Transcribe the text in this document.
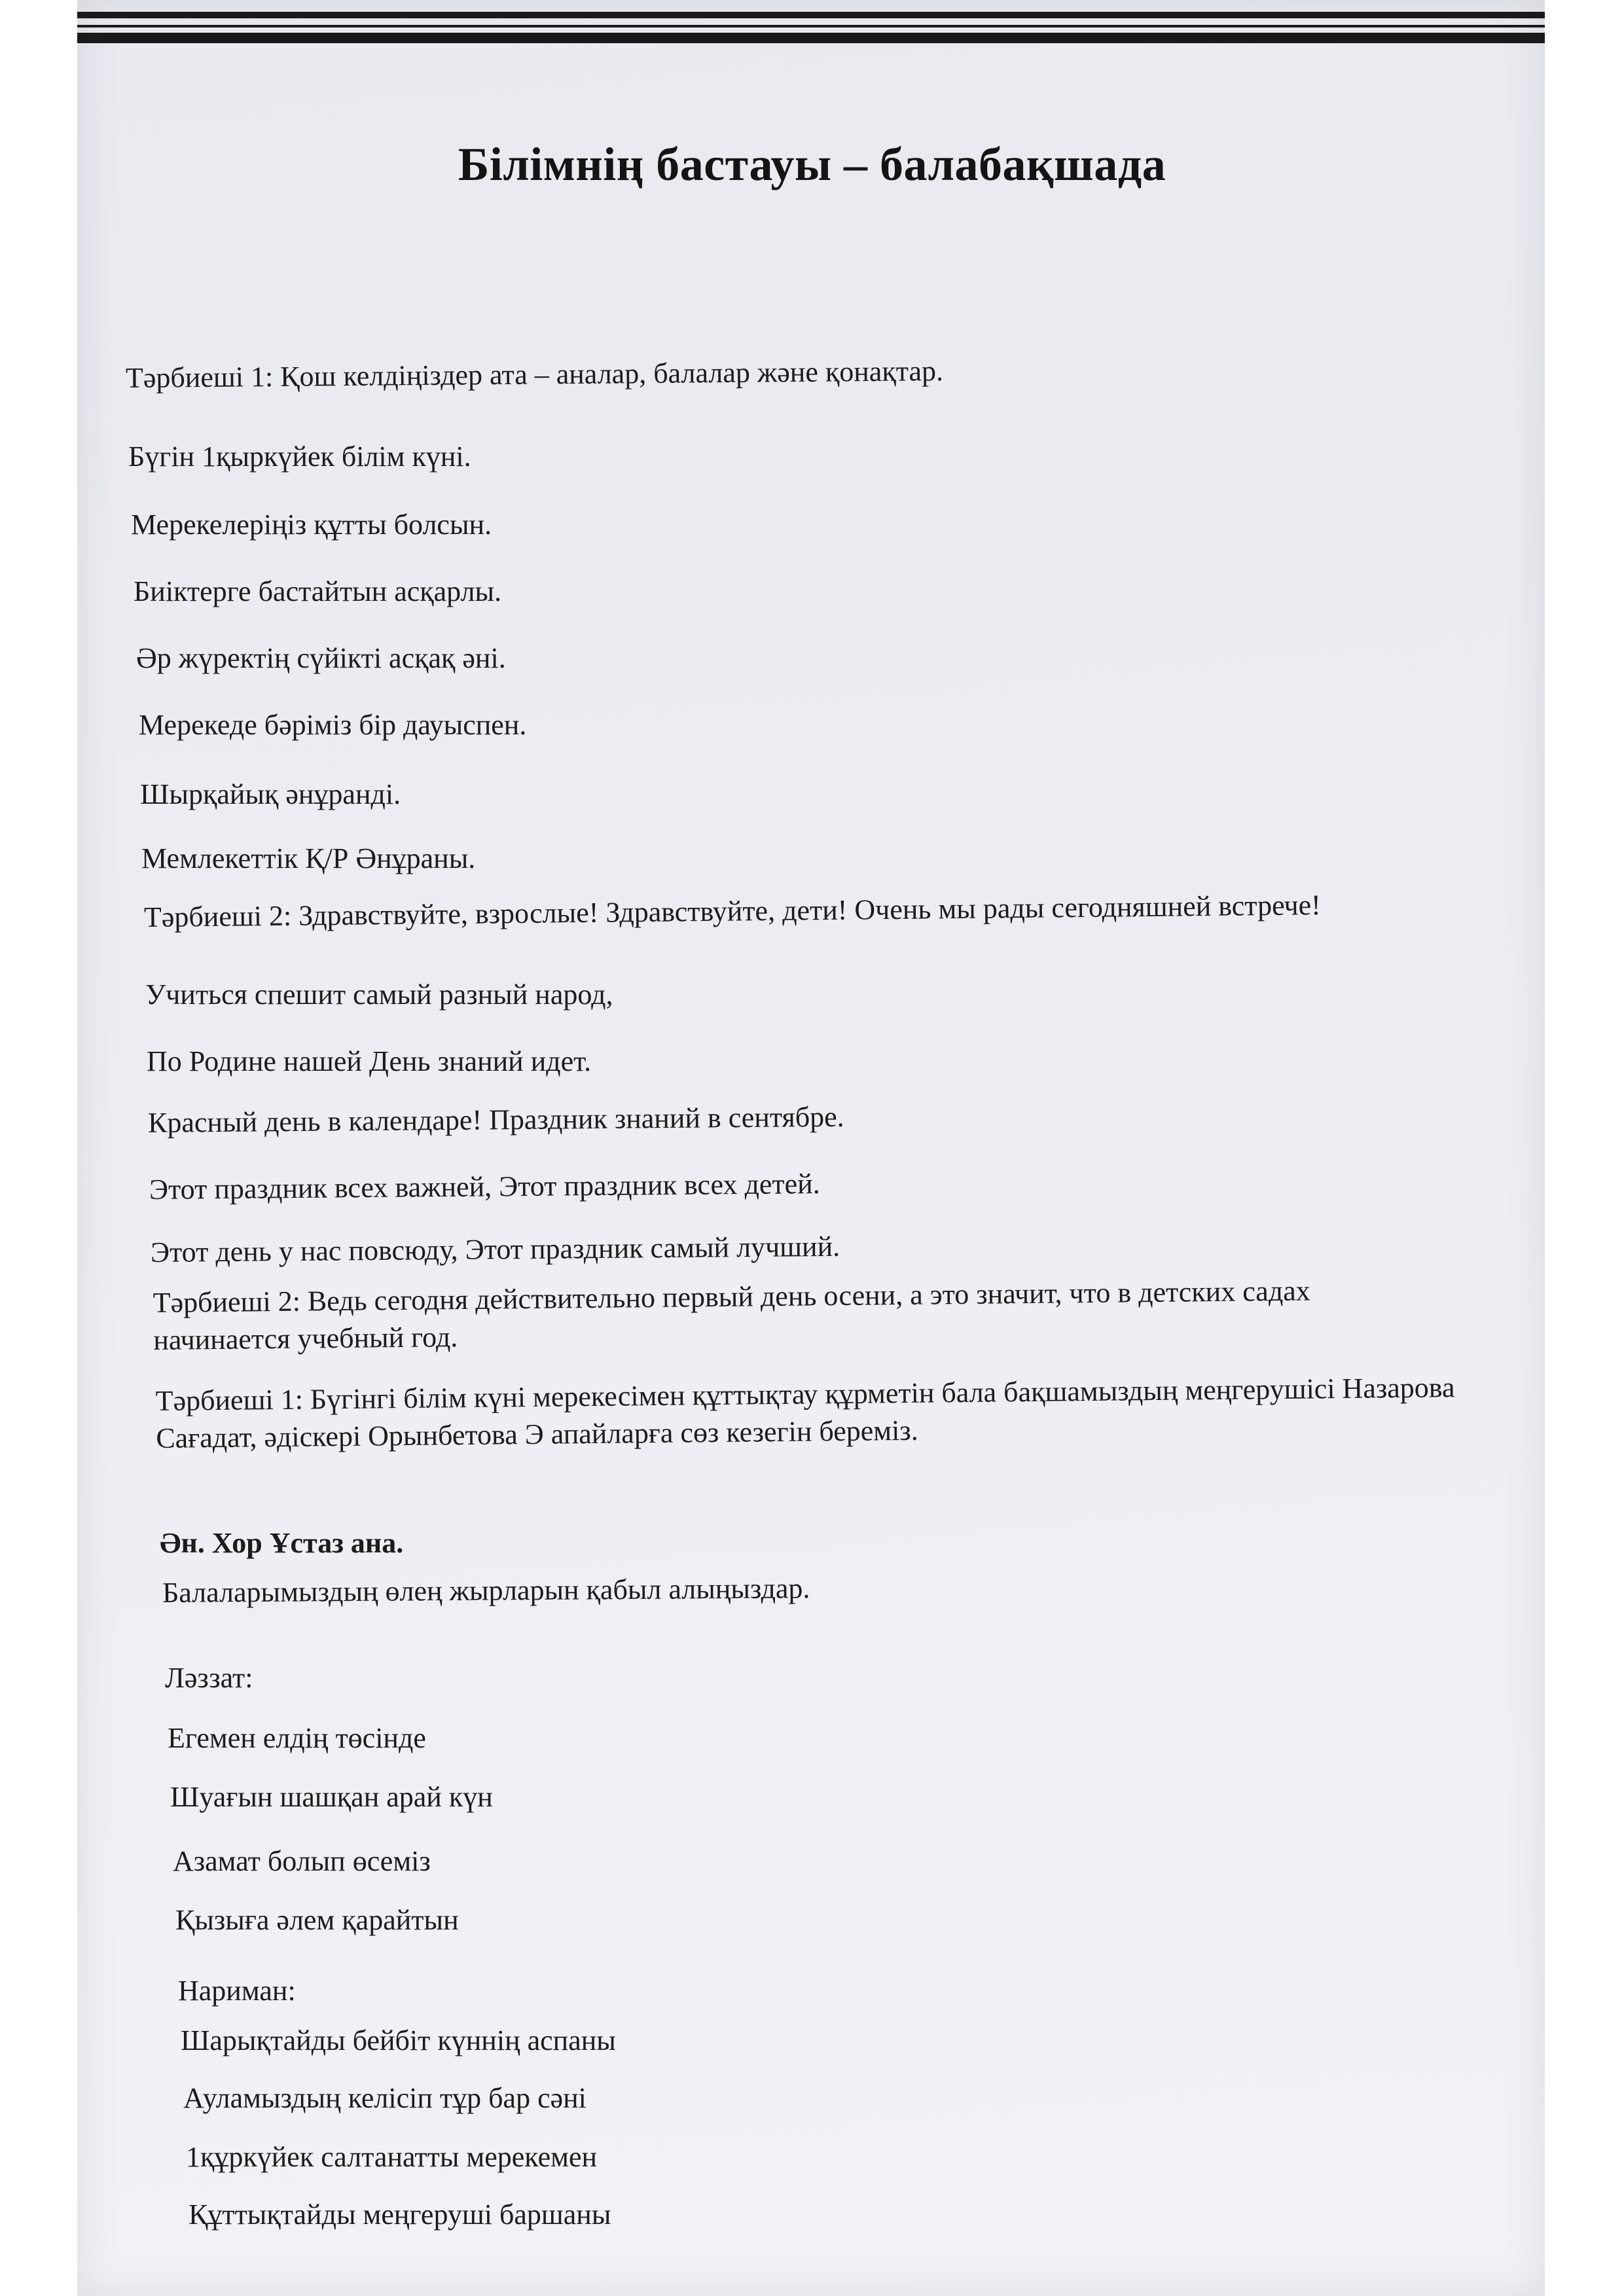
Білімнің бастауы – балабақшада
Тәрбиеші 1: Қош келдіңіздер ата – аналар, балалар және қонақтар.
Бүгін 1қыркүйек білім күні.
Мерекелеріңіз құтты болсын.
Биіктерге бастайтын асқарлы.
Әр жүректің сүйікті асқақ әні.
Мерекеде бәріміз бір дауыспен.
Шырқайық әнұранді.
Мемлекеттік Қ/Р Әнұраны.
Тәрбиеші 2: Здравствуйте, взрослые! Здравствуйте, дети! Очень мы рады сегодняшней встрече!
Учиться спешит самый разный народ,
По Родине нашей День знаний идет.
Красный день в календаре! Праздник знаний в сентябре.
Этот праздник всех важней, Этот праздник всех детей.
Этот день у нас повсюду, Этот праздник самый лучший.
Тәрбиеші 2: Ведь сегодня действительно первый день осени, а это значит, что в детских садах начинается учебный год.
Тәрбиеші 1: Бүгінгі білім күні мерекесімен құттықтау құрметін бала бақшамыздың меңгерушісі Назарова Сағадат, әдіскері Орынбетова Э апайларға сөз кезегін береміз.
Ән. Хор Ұстаз ана.
Балаларымыздың өлең жырларын қабыл алыңыздар.
Ләззат:
Егемен елдің төсінде
Шуағын шашқан арай күн
Азамат болып өсеміз
Қызыға әлем қарайтын
Нариман:
Шарықтайды бейбіт күннің аспаны
Ауламыздың келісіп тұр бар сәні
1құркүйек салтанатты мерекемен
Құттықтайды меңгеруші баршаны
